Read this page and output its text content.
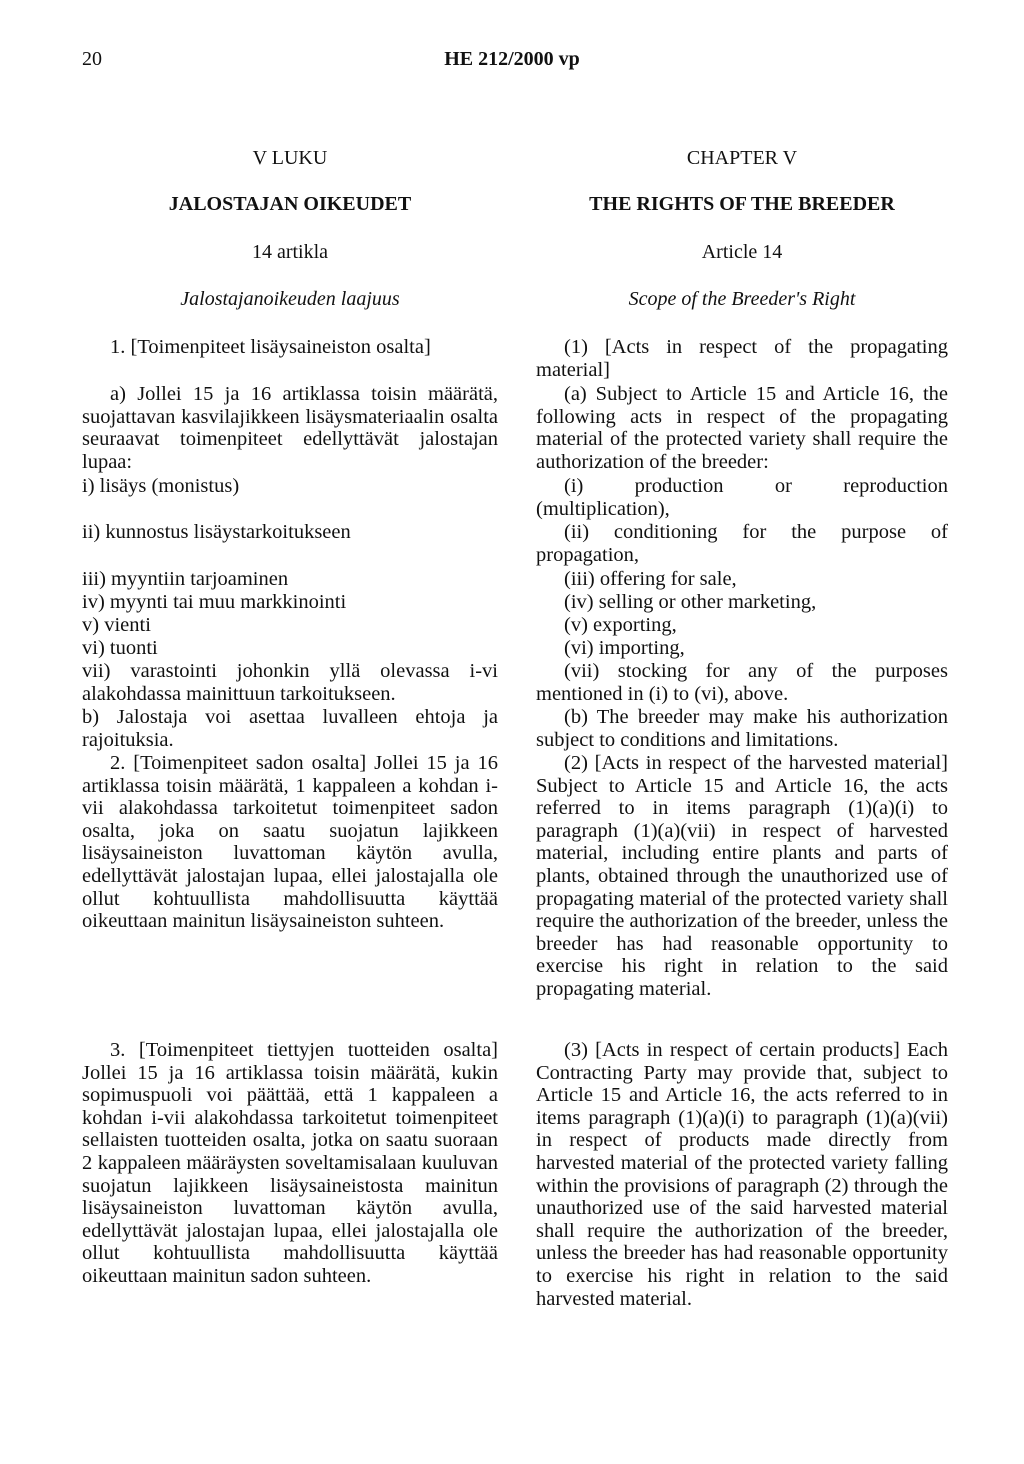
20	HE 212/2000 vp
V LUKU
JALOSTAJAN OIKEUDET
14 artikla
Jalostajanoikeuden laajuus
1. [Toimenpiteet lisäysaineiston osalta]
a) Jollei 15 ja 16 artiklassa toisin määrätä, suojattavan kasvilajikkeen lisäysmateriaalin osalta seuraavat toimenpiteet edellyttävät jalostajan lupaa:
i) lisäys (monistus)
ii) kunnostus lisäystarkoitukseen
iii) myyntiin tarjoaminen
iv) myynti tai muu markkinointi
v) vienti
vi) tuonti
vii) varastointi johonkin yllä olevassa i-vi alakohdassa mainittuun tarkoitukseen.
b) Jalostaja voi asettaa luvalleen ehtoja ja rajoituksia.
2. [Toimenpiteet sadon osalta] Jollei 15 ja 16 artiklassa toisin määrätä, 1 kappaleen a kohdan i-vii alakohdassa tarkoitetut toimenpiteet sadon osalta, joka on saatu suojatun lajikkeen lisäysaineiston luvattoman käytön avulla, edellyttävät jalostajan lupaa, ellei jalostajalla ole ollut kohtuullista mahdollisuutta käyttää oikeuttaan mainitun lisäysaineiston suhteen.
3. [Toimenpiteet tiettyjen tuotteiden osalta] Jollei 15 ja 16 artiklassa toisin määrätä, kukin sopimuspuoli voi päättää, että 1 kappaleen a kohdan i-vii alakohdassa tarkoitetut toimenpiteet sellaisten tuotteiden osalta, jotka on saatu suoraan 2 kappaleen määräysten soveltamisalaan kuuluvan suojatun lajikkeen lisäysaineistosta mainitun lisäysaineiston luvattoman käytön avulla, edellyttävät jalostajan lupaa, ellei jalostajalla ole ollut kohtuullista mahdollisuutta käyttää oikeuttaan mainitun sadon suhteen.
CHAPTER V
THE RIGHTS OF THE BREEDER
Article 14
Scope of the Breeder's Right
(1) [Acts in respect of the propagating material]
(a) Subject to Article 15 and Article 16, the following acts in respect of the propagating material of the protected variety shall require the authorization of the breeder:
(i) production or reproduction (multiplication),
(ii) conditioning for the purpose of propagation,
(iii) offering for sale,
(iv) selling or other marketing,
(v) exporting,
(vi) importing,
(vii) stocking for any of the purposes mentioned in (i) to (vi), above.
(b) The breeder may make his authorization subject to conditions and limitations.
(2) [Acts in respect of the harvested material] Subject to Article 15 and Article 16, the acts referred to in items paragraph (1)(a)(i) to paragraph (1)(a)(vii) in respect of harvested material, including entire plants and parts of plants, obtained through the unauthorized use of propagating material of the protected variety shall require the authorization of the breeder, unless the breeder has had reasonable opportunity to exercise his right in relation to the said propagating material.
(3) [Acts in respect of certain products] Each Contracting Party may provide that, subject to Article 15 and Article 16, the acts referred to in items paragraph (1)(a)(i) to paragraph (1)(a)(vii) in respect of products made directly from harvested material of the protected variety falling within the provisions of paragraph (2) through the unauthorized use of the said harvested material shall require the authorization of the breeder, unless the breeder has had reasonable opportunity to exercise his right in relation to the said harvested material.
